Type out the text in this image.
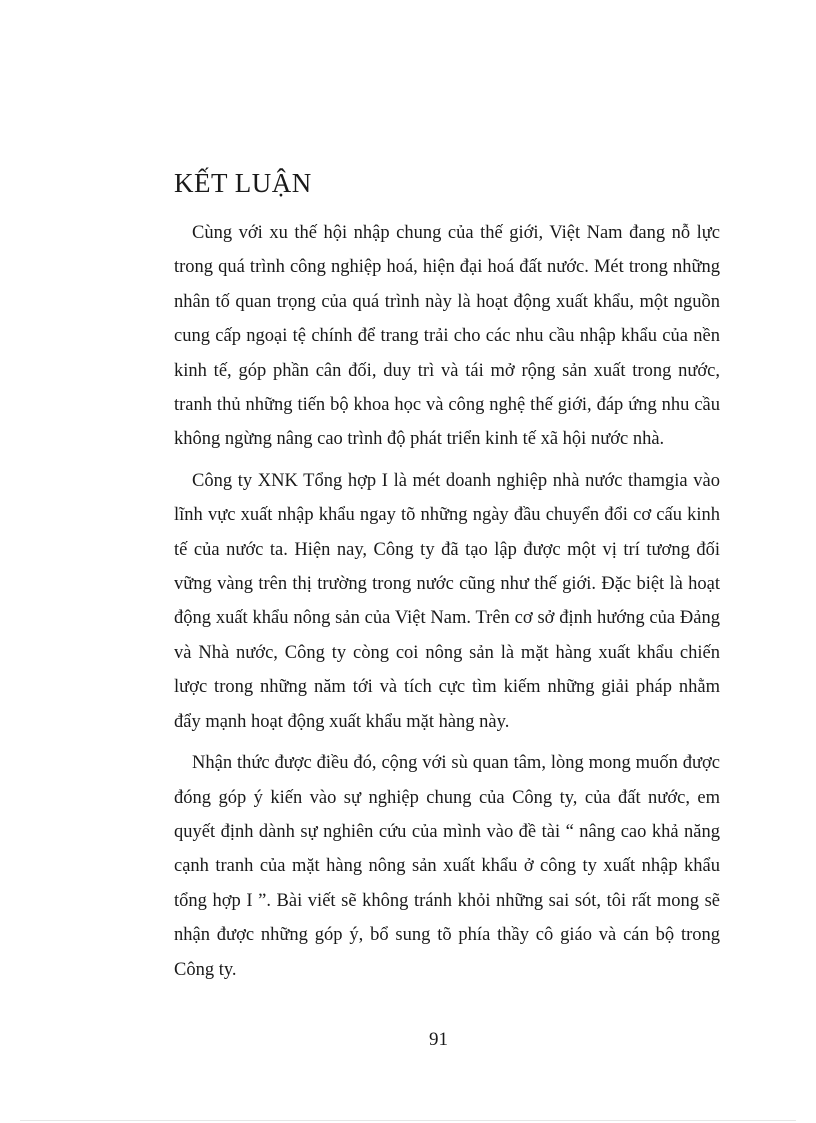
KẾT LUẬN

Cùng với xu thế hội nhập chung của thế giới, Việt Nam đang nỗ lực trong quá trình công nghiệp hoá, hiện đại hoá đất nước. Mét trong những nhân tố quan trọng của quá trình này là hoạt động xuất khẩu, một nguồn cung cấp ngoại tệ chính để trang trải cho các nhu cầu nhập khẩu của nền kinh tế, góp phần cân đối, duy trì và tái mở rộng sản xuất trong nước, tranh thủ những tiến bộ khoa học và công nghệ thế giới, đáp ứng nhu cầu không ngừng nâng cao trình độ phát triển kinh tế xã hội nước nhà.

Công ty XNK Tổng hợp I là mét doanh nghiệp nhà nước thamgia vào lĩnh vực xuất nhập khẩu ngay tõ những ngày đầu chuyển đổi cơ cấu kinh tế của nước ta. Hiện nay, Công ty đã tạo lập được một vị trí tương đối vững vàng trên thị trường trong nước cũng như thế giới. Đặc biệt là hoạt động xuất khẩu nông sản của Việt Nam. Trên cơ sở định hướng của Đảng và Nhà nước, Công ty còng coi nông sản là mặt hàng xuất khẩu chiến lược trong những năm tới và tích cực tìm kiếm những giải pháp nhằm đẩy mạnh hoạt động xuất khẩu mặt hàng này.

Nhận thức được điều đó, cộng với sù quan tâm, lòng mong muốn được đóng góp ý kiến vào sự nghiệp chung của Công ty, của đất nước, em quyết định dành sự nghiên cứu của mình vào đề tài “ nâng cao khả năng cạnh tranh của mặt hàng nông sản xuất khẩu ở công ty xuất nhập khẩu tổng hợp I ”. Bài viết sẽ không tránh khỏi những sai sót, tôi rất mong sẽ nhận được những góp ý, bổ sung tõ phía thầy cô giáo và cán bộ trong Công ty.

91
